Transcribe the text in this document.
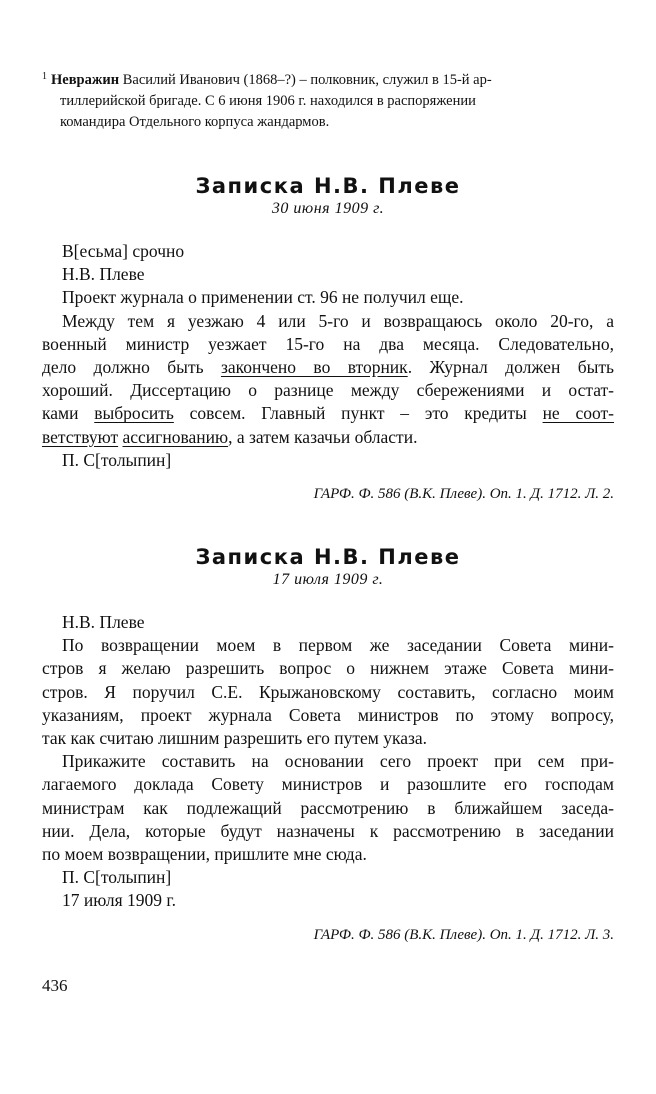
$^1$ Невражин Василий Иванович (1868–?) – полковник, служил в 15-й ар-
тиллерийской бригаде. С 6 июня 1906 г. находился в распоряжении
командира Отдельного корпуса жандармов.
Записка Н.В. Плеве

30 июня 1909 г.

В[есьма] срочно
Н.В. Плеве
Проект журнала о применении ст. 96 не получил еще.
Между тем я уезжаю 4 или 5-го и возвращаюсь около 20-го, а
военный министр уезжает 15-го на два месяца. Следовательно,
дело должно быть закончено во вторник. Журнал должен быть
хороший. Диссертацию о разнице между сбережениями и остат-
ками выбросить совсем. Главный пункт – это кредиты не соот-
ветствуют ассигнованию, а затем казачьи области.
П. С[толыпин]

ГАРФ. Ф. 586 (В.К. Плеве). Оп. 1. Д. 1712. Л. 2.

Записка Н.В. Плеве

17 июля 1909 г.

Н.В. Плеве
По возвращении моем в первом же заседании Совета мини-
стров я желаю разрешить вопрос о нижнем этаже Совета мини-
стров. Я поручил С.Е. Крыжановскому составить, согласно моим
указаниям, проект журнала Совета министров по этому вопросу,
так как считаю лишним разрешить его путем указа.
Прикажите составить на основании сего проект при сем при-
лагаемого доклада Совету министров и разошлите его господам
министрам как подлежащий рассмотрению в ближайшем заседа-
нии. Дела, которые будут назначены к рассмотрению в заседании
по моем возвращении, пришлите мне сюда.
П. С[толыпин]
17 июля 1909 г.

ГАРФ. Ф. 586 (В.К. Плеве). Оп. 1. Д. 1712. Л. 3.

436
